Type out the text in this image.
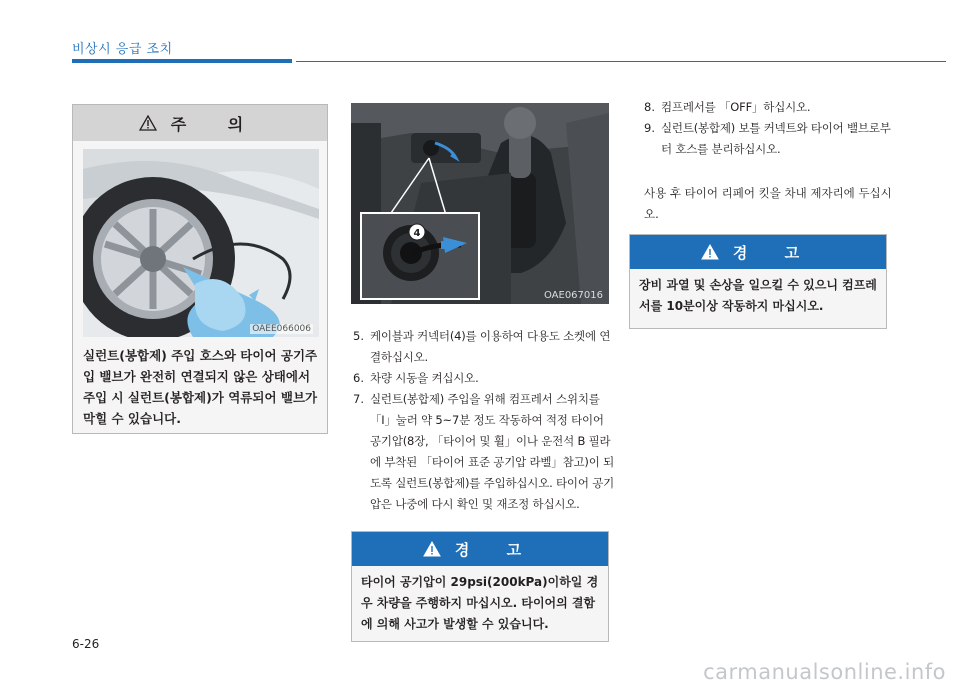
비상시 응급 조치
주 의
OAEE066006
실런트(봉합제) 주입 호스와 타이어 공기주입 밸브가 완전히 연결되지 않은 상태에서 주입 시 실런트(봉합제)가 역류되어 밸브가 막힐 수 있습니다.
4
OAE067016
5. 케이블과 커넥터(4)를 이용하여 다용도 소켓에 연결하십시오.
6. 차량 시동을 켜십시오.
7. 실런트(봉합제) 주입을 위해 컴프레서 스위치를 「I」눌러 약 5~7분 정도 작동하여 적정 타이어 공기압(8장, 「타이어 및 휠」이나 운전석 B 필라에 부착된 「타이어 표준 공기압 라벨」참고)이 되도록 실런트(봉합제)를 주입하십시오. 타이어 공기압은 나중에 다시 확인 및 재조정 하십시오.
경 고
타이어 공기압이 29psi(200kPa)이하일 경우 차량을 주행하지 마십시오. 타이어의 결함에 의해 사고가 발생할 수 있습니다.
8. 컴프레서를 「OFF」하십시오.
9. 실런트(봉합제) 보틀 커넥트와 타이어 밸브로부터 호스를 분리하십시오.
사용 후 타이어 리페어 킷을 차내 제자리에 두십시오.
경 고
장비 과열 및 손상을 일으킬 수 있으니 컴프레서를 10분이상 작동하지 마십시오.
6-26
carmanualsonline.info
